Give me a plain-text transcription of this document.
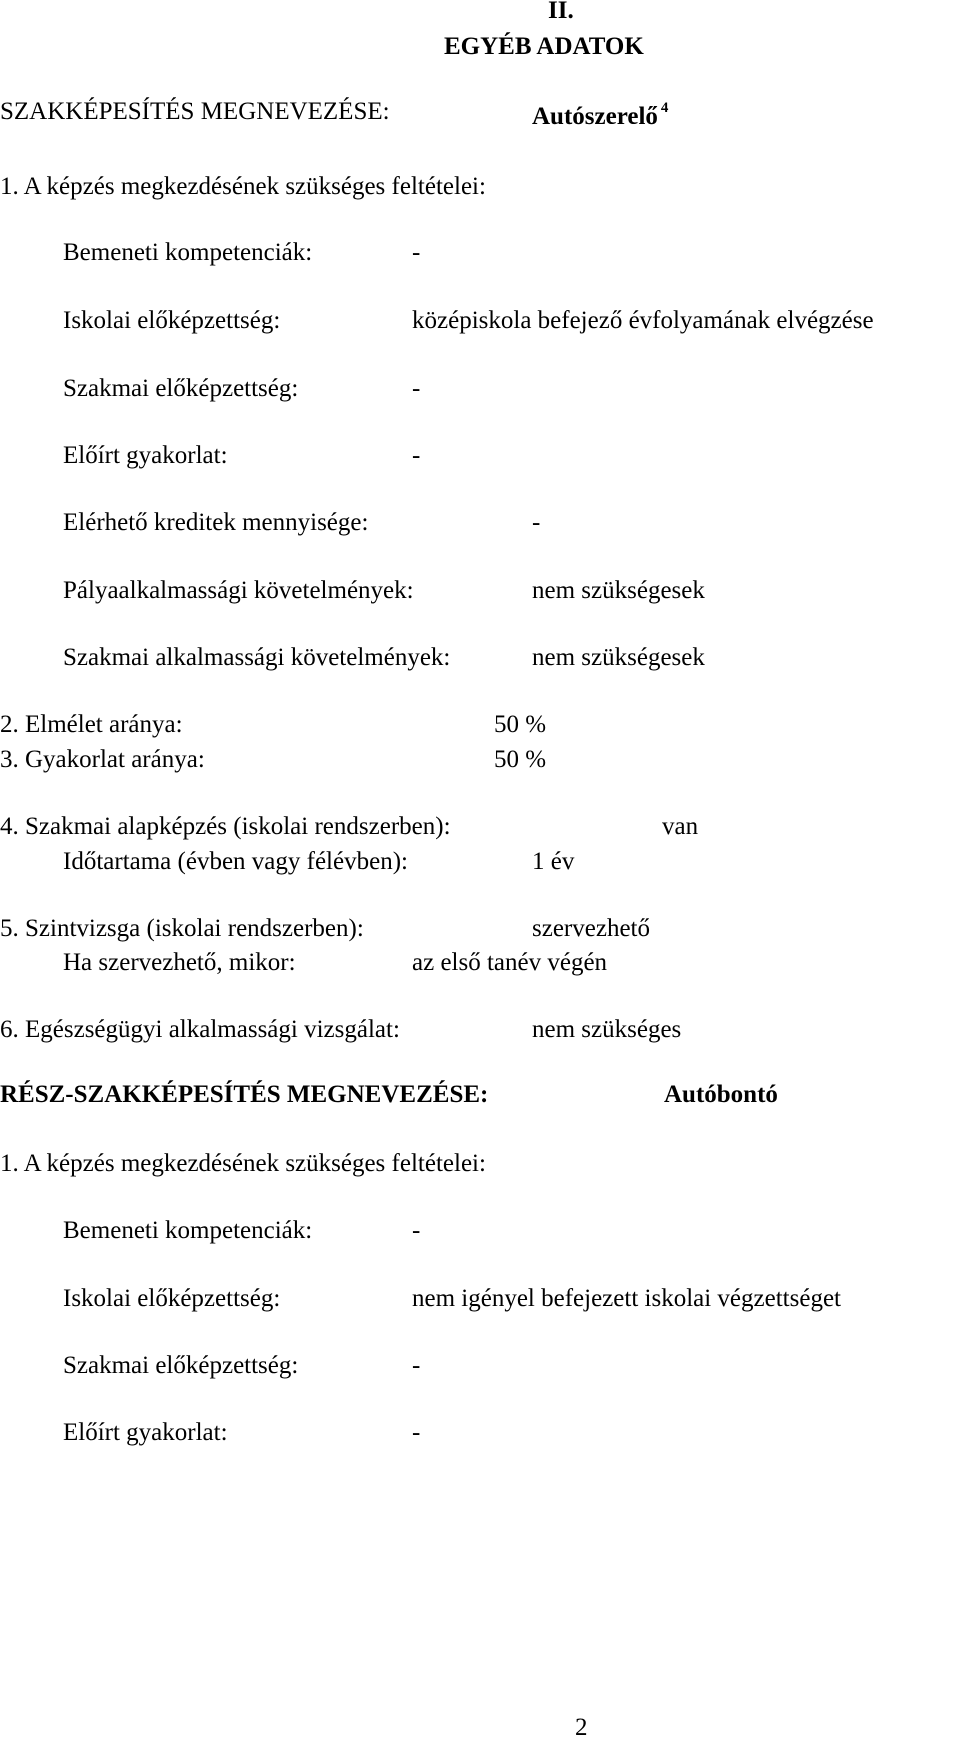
II.
EGYÉB ADATOK
SZAKKÉPESÍTÉS MEGNEVEZÉSE:	Autószerelő $^4$
1. A képzés megkezdésének szükséges feltételei:
Bemeneti kompetenciák:	-
Iskolai előképzettség:	középiskola befejező évfolyamának elvégzése
Szakmai előképzettség:	-
Előírt gyakorlat:	-
Elérhető kreditek mennyisége:	-
Pályaalkalmassági követelmények:	nem szükségesek
Szakmai alkalmassági követelmények:	nem szükségesek
2. Elmélet aránya:	50 %
3. Gyakorlat aránya:	50 %
4. Szakmai alapképzés (iskolai rendszerben):	van
Időtartama (évben vagy félévben):	1 év
5. Szintvizsga (iskolai rendszerben):	szervezhető
Ha szervezhető, mikor:	az első tanév végén
6. Egészségügyi alkalmassági vizsgálat:	nem szükséges
RÉSZ-SZAKKÉPESÍTÉS MEGNEVEZÉSE:	Autóbontó
1. A képzés megkezdésének szükséges feltételei:
Bemeneti kompetenciák:	-
Iskolai előképzettség:	nem igényel befejezett iskolai végzettséget
Szakmai előképzettség:	-
Előírt gyakorlat:	-
2
